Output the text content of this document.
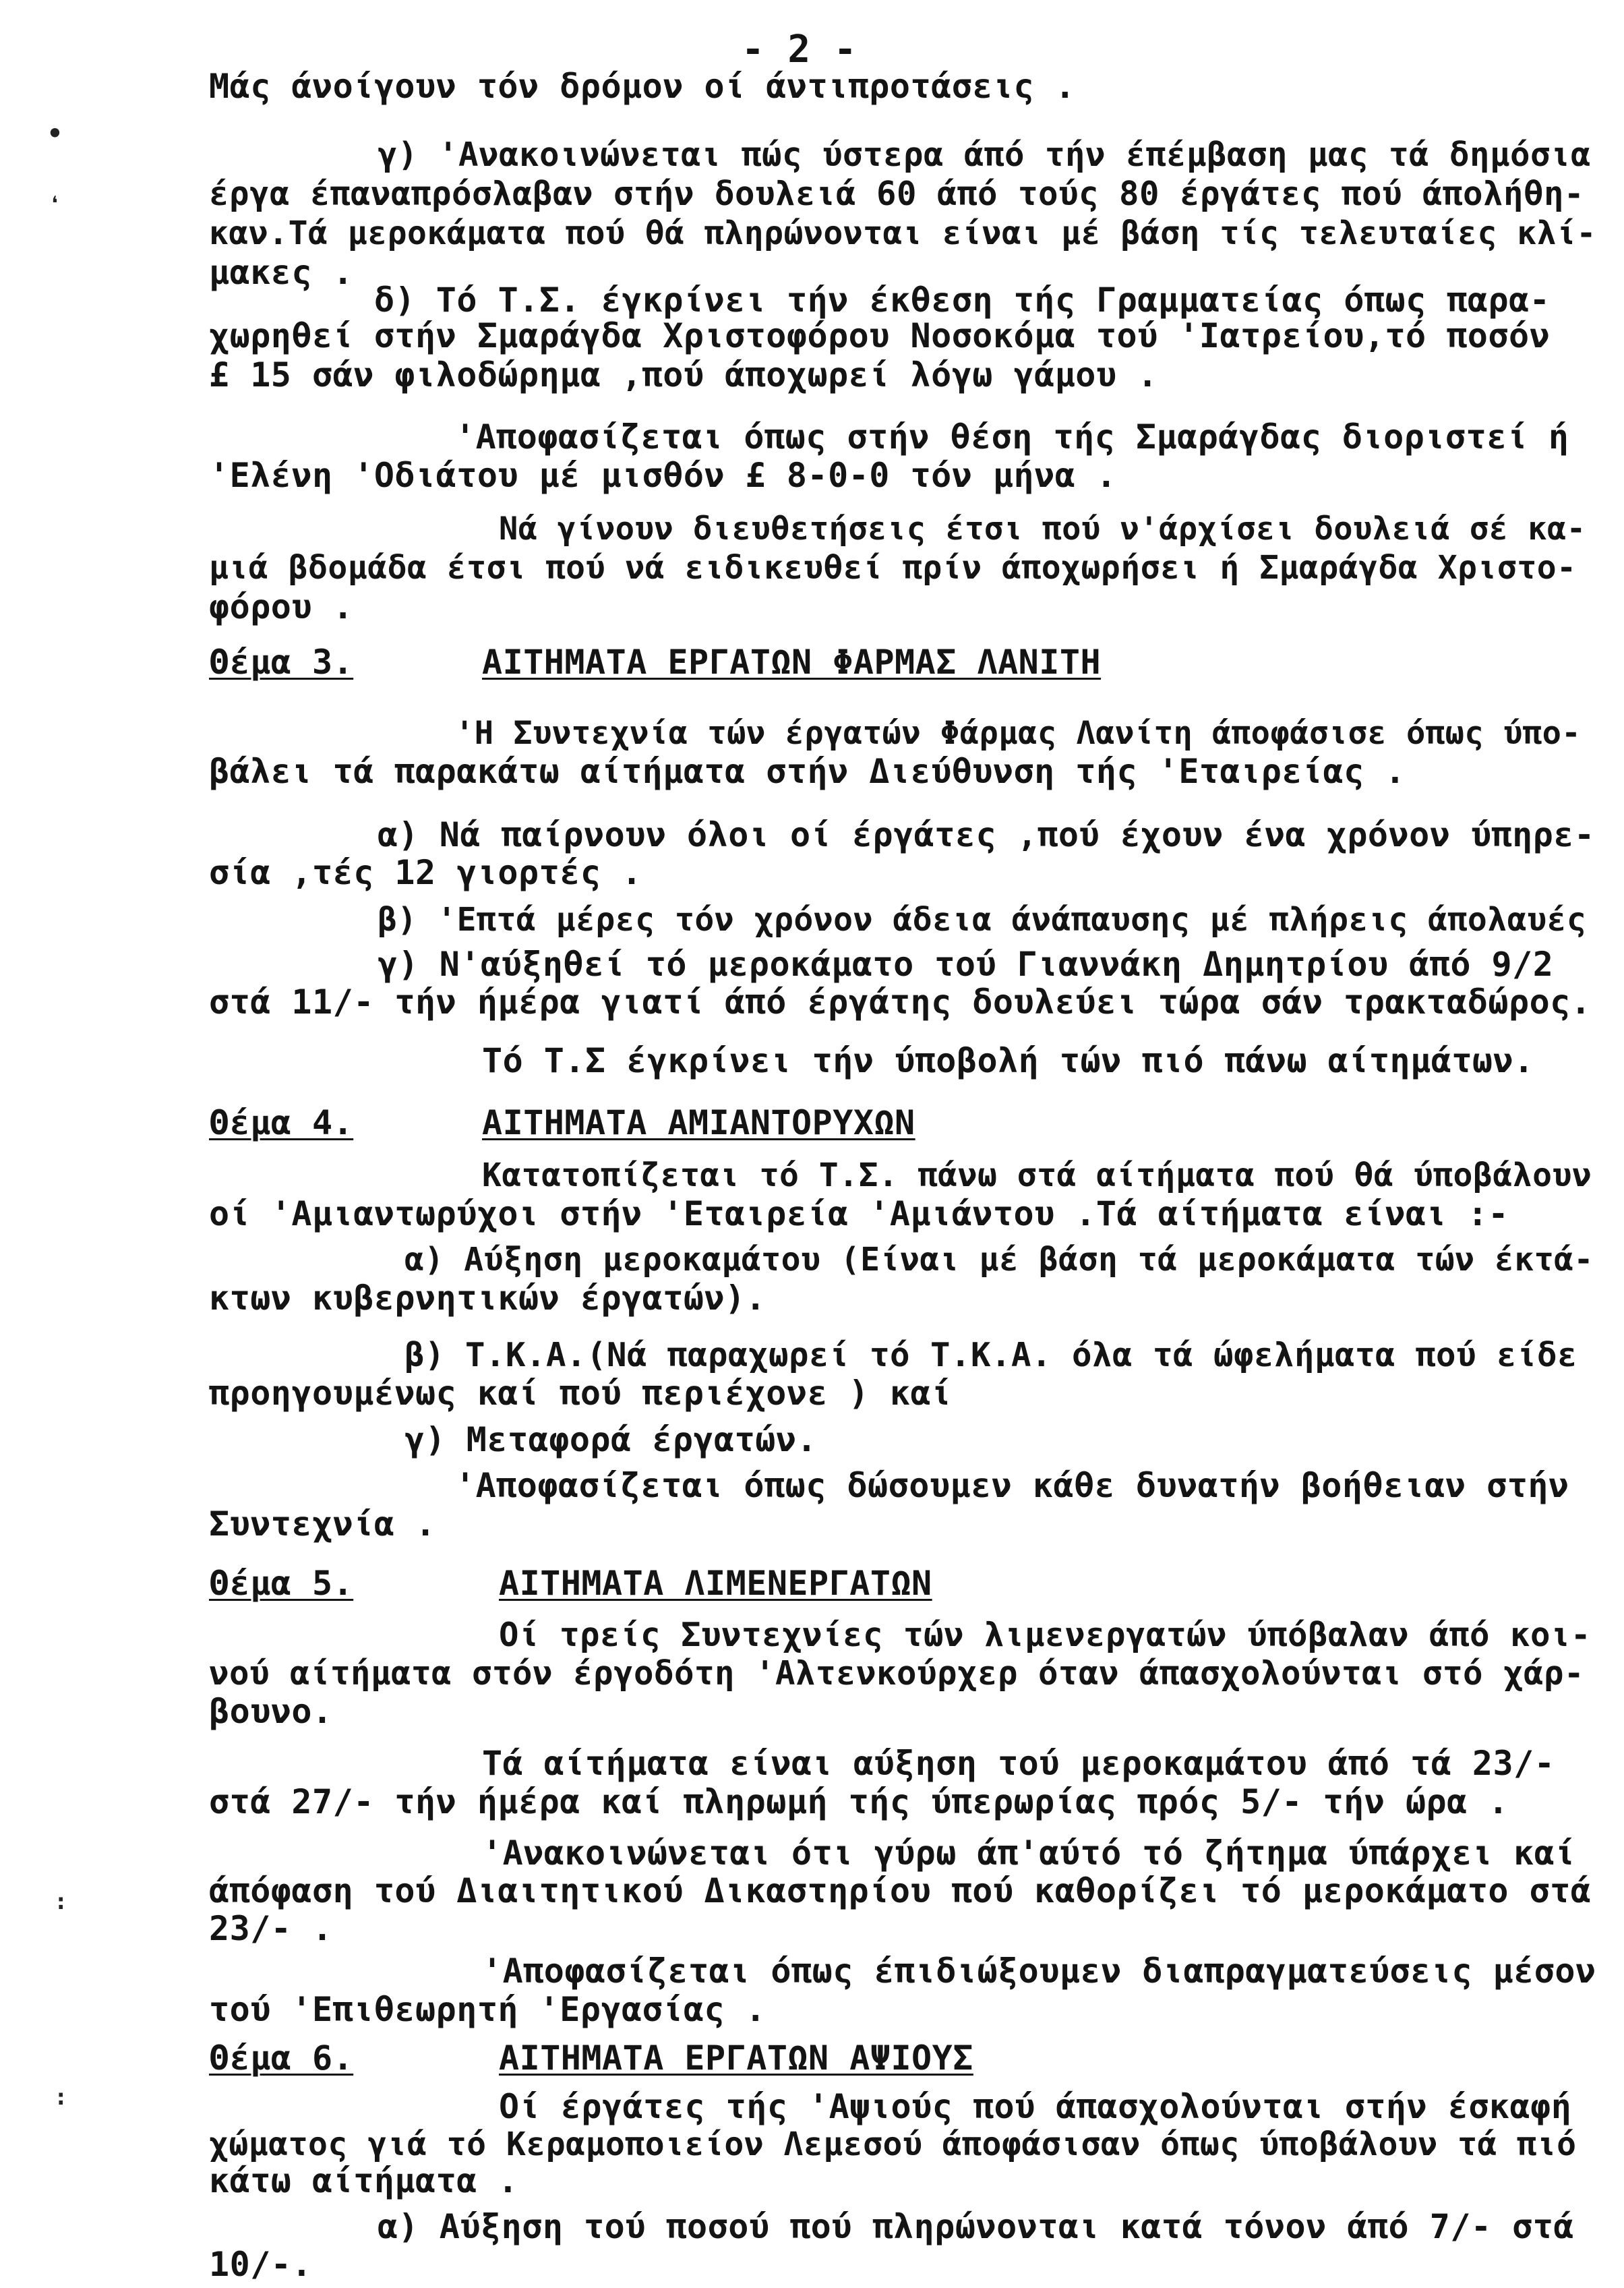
- 2 -
•
❛
:
:
Μάς άνοίγουν τόν δρόμον οί άντιπροτάσεις .
γ) 'Ανακοινώνεται πώς ύστερα άπό τήν έπέμβαση μας τά δημόσια
έργα έπαναπρόσλαβαν στήν δουλειά 60 άπό τούς 80 έργάτες πού άπολήθη-
καν.Τά μεροκάματα πού θά πληρώνονται είναι μέ βάση τίς τελευταίες κλί-
μακες .
δ) Τό Τ.Σ. έγκρίνει τήν έκθεση τής Γραμματείας όπως παρα-
χωρηθεί στήν Σμαράγδα Χριστοφόρου Νοσοκόμα τού 'Ιατρείου,τό ποσόν
£ 15 σάν φιλοδώρημα ,πού άποχωρεί λόγω γάμου .
'Αποφασίζεται όπως στήν θέση τής Σμαράγδας διοριστεί ή
'Ελένη 'Οδιάτου μέ μισθόν £ 8-0-0 τόν μήνα .
Νά γίνουν διευθετήσεις έτσι πού ν'άρχίσει δουλειά σέ κα-
μιά βδομάδα έτσι πού νά ειδικευθεί πρίν άποχωρήσει ή Σμαράγδα Χριστο-
φόρου .
Θέμα 3.	ΑΙΤΗΜΑΤΑ ΕΡΓΑΤΩΝ ΦΑΡΜΑΣ ΛΑΝΙΤΗ
'Η Συντεχνία τών έργατών Φάρμας Λανίτη άποφάσισε όπως ύπο-
βάλει τά παρακάτω αίτήματα στήν Διεύθυνση τής 'Εταιρείας .
α) Νά παίρνουν όλοι οί έργάτες ,πού έχουν ένα χρόνον ύπηρε-
σία ,τές 12 γιορτές .
β) 'Επτά μέρες τόν χρόνον άδεια άνάπαυσης μέ πλήρεις άπολαυές
γ) Ν'αύξηθεί τό μεροκάματο τού Γιαννάκη Δημητρίου άπό 9/2
στά 11/- τήν ήμέρα γιατί άπό έργάτης δουλεύει τώρα σάν τρακταδώρος.
Τό Τ.Σ έγκρίνει τήν ύποβολή τών πιό πάνω αίτημάτων.
Θέμα 4.	ΑΙΤΗΜΑΤΑ ΑΜΙΑΝΤΟΡΥΧΩΝ
Κατατοπίζεται τό Τ.Σ. πάνω στά αίτήματα πού θά ύποβάλουν
οί 'Αμιαντωρύχοι στήν 'Εταιρεία 'Αμιάντου .Τά αίτήματα είναι :-
α) Αύξηση μεροκαμάτου (Είναι μέ βάση τά μεροκάματα τών έκτά-
κτων κυβερνητικών έργατών).
β) Τ.Κ.Α.(Νά παραχωρεί τό Τ.Κ.Α. όλα τά ώφελήματα πού είδε
προηγουμένως καί πού περιέχονε ) καί
γ) Μεταφορά έργατών.
'Αποφασίζεται όπως δώσουμεν κάθε δυνατήν βοήθειαν στήν
Συντεχνία .
Θέμα 5.	ΑΙΤΗΜΑΤΑ ΛΙΜΕΝΕΡΓΑΤΩΝ
Οί τρείς Συντεχνίες τών λιμενεργατών ύπόβαλαν άπό κοι-
νού αίτήματα στόν έργοδότη 'Αλτενκούρχερ όταν άπασχολούνται στό χάρ-
βουνο.
Τά αίτήματα είναι αύξηση τού μεροκαμάτου άπό τά 23/-
στά 27/- τήν ήμέρα καί πληρωμή τής ύπερωρίας πρός 5/- τήν ώρα .
'Ανακοινώνεται ότι γύρω άπ'αύτό τό ζήτημα ύπάρχει καί
άπόφαση τού Διαιτητικού Δικαστηρίου πού καθορίζει τό μεροκάματο στά
23/- .
'Αποφασίζεται όπως έπιδιώξουμεν διαπραγματεύσεις μέσον
τού 'Επιθεωρητή 'Εργασίας .
Θέμα 6.	ΑΙΤΗΜΑΤΑ ΕΡΓΑΤΩΝ ΑΨΙΟΥΣ
Οί έργάτες τής 'Αψιούς πού άπασχολούνται στήν έσκαφή
χώματος γιά τό Κεραμοποιείον Λεμεσού άποφάσισαν όπως ύποβάλουν τά πιό
κάτω αίτήματα .
α) Αύξηση τού ποσού πού πληρώνονται κατά τόνον άπό 7/- στά
10/-.
